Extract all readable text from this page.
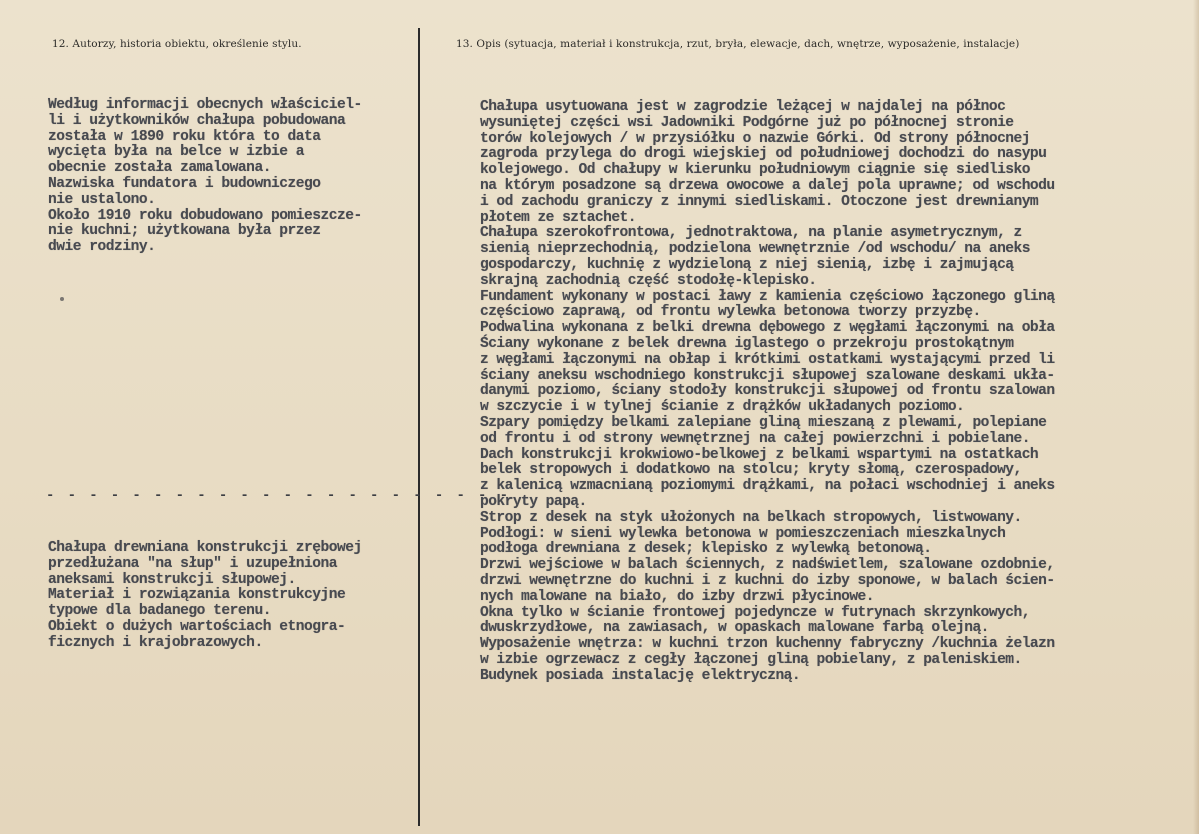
12. Autorzy, historia obiektu, określenie stylu.	13. Opis (sytuacja, materiał i konstrukcja, rzut, bryła, elewacje, dach, wnętrze, wyposażenie, instalacje)
Według informacji obecnych właściciel-
li i użytkowników chałupa pobudowana
została w 1890 roku która to data
wycięta była na belce w izbie a
obecnie została zamalowana.
Nazwiska fundatora i budowniczego
nie ustalono.
Około 1910 roku dobudowano pomieszcze-
nie kuchni; użytkowana była przez
dwie rodziny.
- - - - - - - - - - - - - - - - - - - - - -
Chałupa drewniana konstrukcji zrębowej
przedłużana "na słup" i uzupełniona
aneksami konstrukcji słupowej.
Materiał i rozwiązania konstrukcyjne
typowe dla badanego terenu.
Obiekt o dużych wartościach etnogra-
ficznych i krajobrazowych.
Chałupa usytuowana jest w zagrodzie leżącej w najdalej na północ
wysuniętej części wsi Jadowniki Podgórne już po północnej stronie
torów kolejowych / w przysiółku o nazwie Górki. Od strony północnej
zagroda przylega do drogi wiejskiej od południowej dochodzi do nasypu
kolejowego. Od chałupy w kierunku południowym ciągnie się siedlisko
na którym posadzone są drzewa owocowe a dalej pola uprawne; od wschodu
i od zachodu graniczy z innymi siedliskami. Otoczone jest drewnianym
płotem ze sztachet.
Chałupa szerokofrontowa, jednotraktowa, na planie asymetrycznym, z
sienią nieprzechodnią, podzielona wewnętrznie /od wschodu/ na aneks
gospodarczy, kuchnię z wydzieloną z niej sienią, izbę i zajmującą
skrajną zachodnią część stodołę-klepisko.
Fundament wykonany w postaci ławy z kamienia częściowo łączonego gliną
częściowo zaprawą, od frontu wylewka betonowa tworzy przyzbę.
Podwalina wykonana z belki drewna dębowego z węgłami łączonymi na obła
Ściany wykonane z belek drewna iglastego o przekroju prostokątnym
z węgłami łączonymi na obłap i krótkimi ostatkami wystającymi przed li
ściany aneksu wschodniego konstrukcji słupowej szalowane deskami ukła-
danymi poziomo, ściany stodoły konstrukcji słupowej od frontu szalowan
w szczycie i w tylnej ścianie z drążków układanych poziomo.
Szpary pomiędzy belkami zalepiane gliną mieszaną z plewami, polepiane
od frontu i od strony wewnętrznej na całej powierzchni i pobielane.
Dach konstrukcji krokwiowo-belkowej z belkami wspartymi na ostatkach
belek stropowych i dodatkowo na stolcu; kryty słomą, czerospadowy,
z kalenicą wzmacnianą poziomymi drążkami, na połaci wschodniej i aneks
pokryty papą.
Strop z desek na styk ułożonych na belkach stropowych, listwowany.
Podłogi: w sieni wylewka betonowa w pomieszczeniach mieszkalnych
podłoga drewniana z desek; klepisko z wylewką betonową.
Drzwi wejściowe w balach ściennych, z nadświetlem, szalowane ozdobnie,
drzwi wewnętrzne do kuchni i z kuchni do izby sponowe, w balach ścien-
nych malowane na biało, do izby drzwi płycinowe.
Okna tylko w ścianie frontowej pojedyncze w futrynach skrzynkowych,
dwuskrzydłowe, na zawiasach, w opaskach malowane farbą olejną.
Wyposażenie wnętrza: w kuchni trzon kuchenny fabryczny /kuchnia żelazn
w izbie ogrzewacz z cegły łączonej gliną pobielany, z paleniskiem.
Budynek posiada instalację elektryczną.
